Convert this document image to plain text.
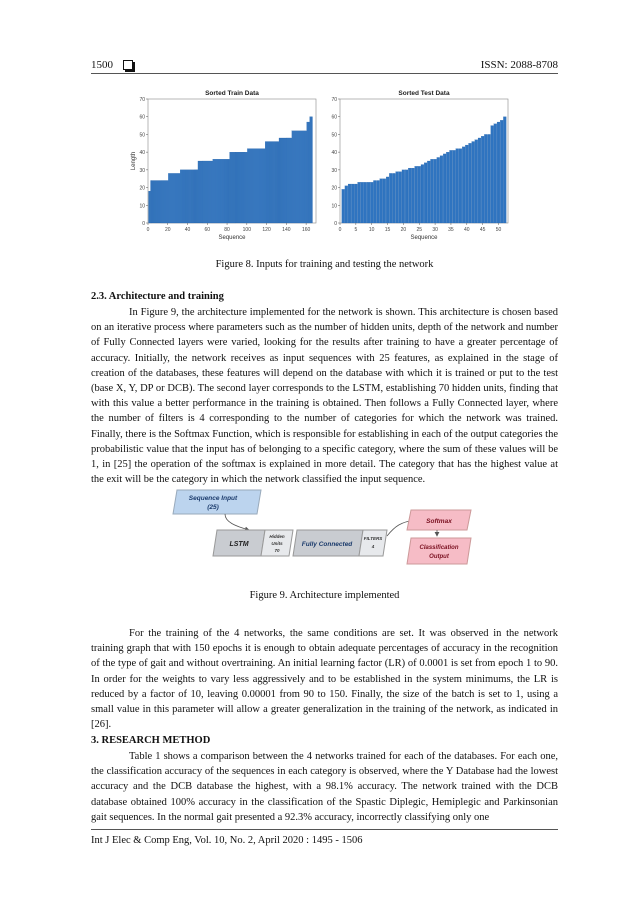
1500	ISSN: 2088-8708
Sorted Train Data
0
10
20
30
40
50
60
70
0	20	40	60	80	100 120 140 160
Sequence
Length
Sorted Test Data
0
10
20
30
40
50
60
70
0	5 10 15 20 25 30 35 40 45 50
Sequence
Figure 8. Inputs for training and testing the network
2.3. Architecture and training

In Figure 9, the architecture implemented for the network is shown. This architecture is chosen based on an iterative process where parameters such as the number of hidden units, depth of the network and number of Fully Connected layers were varied, looking for the results after training to have a greater percentage of accuracy. Initially, the network receives as input sequences with 25 features, as explained in the stage of creation of the databases, these features will depend on the database with which it is trained or put to the test (base X, Y, DP or DCB). The second layer corresponds to the LSTM, establishing 70 hidden units, finding that with this value a better performance in the training is obtained. Then follows a Fully Connected layer, where the number of filters is 4 corresponding to the number of categories for which the network was trained. Finally, there is the Softmax Function, which is responsible for establishing in each of the output categories the probabilistic value that the input has of belonging to a specific category, where the sum of these values will be 1, in [25] the operation of the softmax is explained in more detail. The category that has the highest value at the exit will be the category in which the network classified the input sequence.

Sequence Input
(25)
LSTM
Hidden
Units
70
Fully Connected
FILTERS
4
Softmax
Classification
Output
Figure 9. Architecture implemented

For the training of the 4 networks, the same conditions are set. It was observed in the network training graph that with 150 epochs it is enough to obtain adequate percentages of accuracy in the recognition of the type of gait and without overtraining. An initial learning factor (LR) of 0.0001 is set from epoch 1 to 90. In order for the weights to vary less aggressively and to be established in the system minimums, the LR is reduced by a factor of 10, leaving 0.00001 from 90 to 150. Finally, the size of the batch is set to 1, using a small value in this parameter will allow a greater generalization in the training of the network, as indicated in [26].

3. RESEARCH METHOD

Table 1 shows a comparison between the 4 networks trained for each of the databases. For each one, the classification accuracy of the sequences in each category is observed, where the Y Database had the lowest accuracy and the DCB database the highest, with a 98.1% accuracy. The network trained with the DCB database obtained 100% accuracy in the classification of the Spastic Diplegic, Hemiplegic and Parkinsonian gait sequences. In the normal gait presented a 92.3% accuracy, incorrectly classifying only one

Int J Elec & Comp Eng, Vol. 10, No. 2, April 2020 : 1495 - 1506
